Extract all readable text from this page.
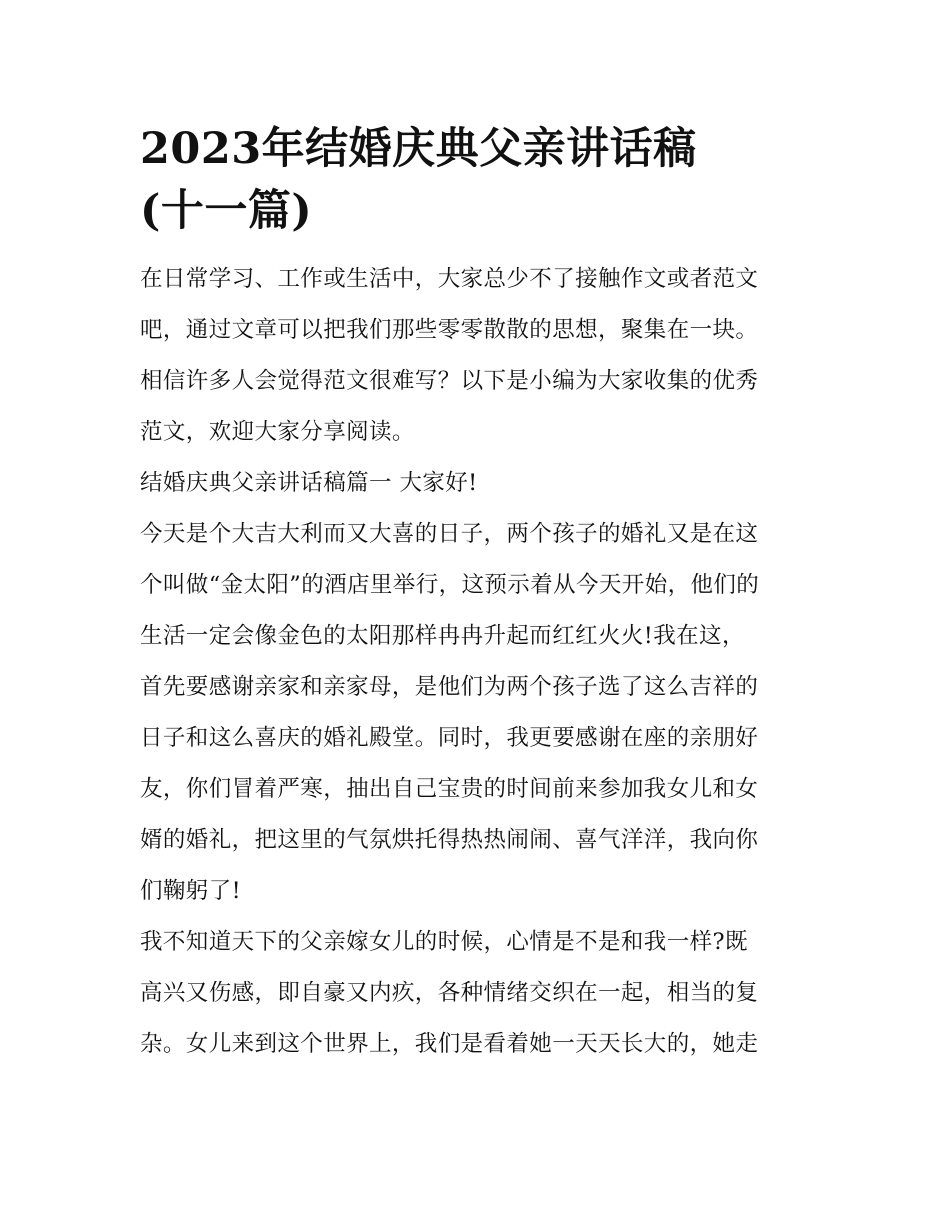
2023年结婚庆典父亲讲话稿
(十一篇)

在日常学习、工作或生活中，大家总少不了接触作文或者范文
吧，通过文章可以把我们那些零零散散的思想，聚集在一块。
相信许多人会觉得范文很难写？以下是小编为大家收集的优秀
范文，欢迎大家分享阅读。

结婚庆典父亲讲话稿篇一 大家好!

今天是个大吉大利而又大喜的日子，两个孩子的婚礼又是在这
个叫做“金太阳”的酒店里举行，这预示着从今天开始，他们的
生活一定会像金色的太阳那样冉冉升起而红红火火!我在这，
首先要感谢亲家和亲家母，是他们为两个孩子选了这么吉祥的
日子和这么喜庆的婚礼殿堂。同时，我更要感谢在座的亲朋好
友，你们冒着严寒，抽出自己宝贵的时间前来参加我女儿和女
婿的婚礼，把这里的气氛烘托得热热闹闹、喜气洋洋，我向你
们鞠躬了!

我不知道天下的父亲嫁女儿的时候，心情是不是和我一样?既
高兴又伤感，即自豪又内疚，各种情绪交织在一起，相当的复
杂。女儿来到这个世界上，我们是看着她一天天长大的，她走
